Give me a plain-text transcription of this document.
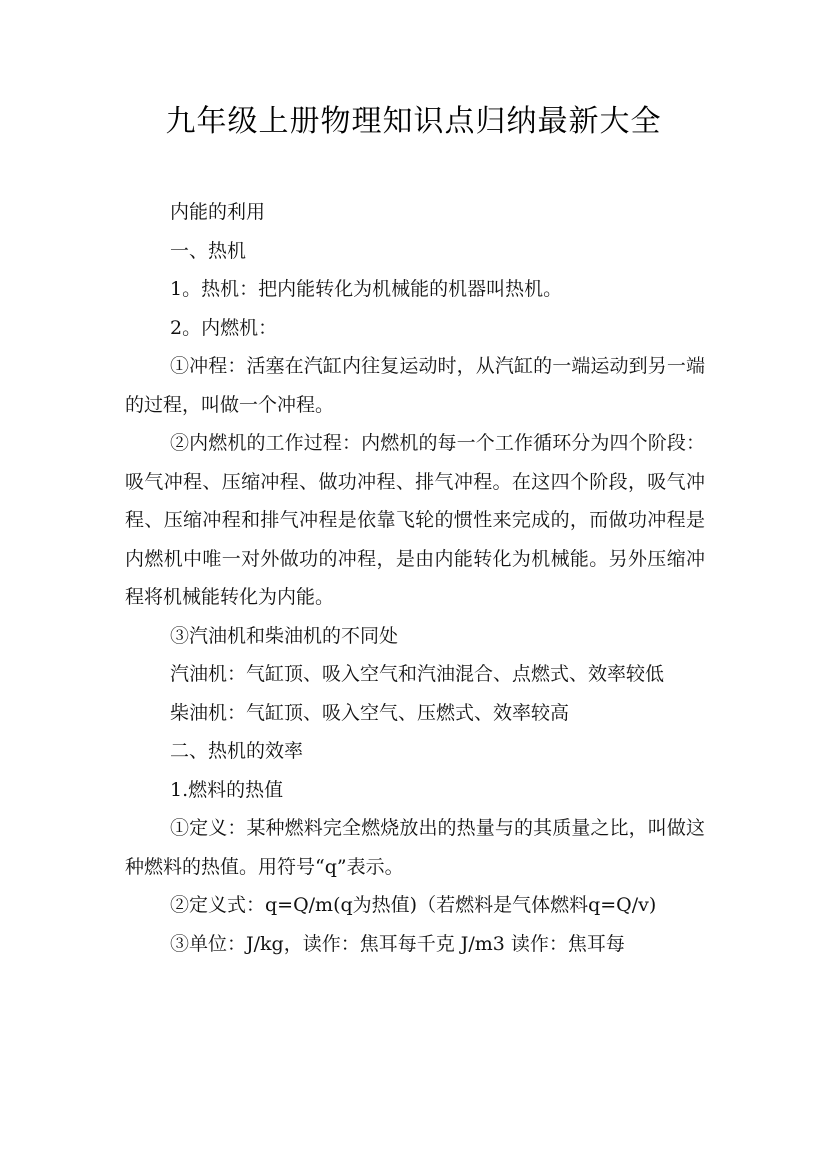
九年级上册物理知识点归纳最新大全

内能的利用

一、热机

1。热机：把内能转化为机械能的机器叫热机。

2。内燃机：

①冲程：活塞在汽缸内往复运动时，从汽缸的一端运动到另一端的过程，叫做一个冲程。

②内燃机的工作过程：内燃机的每一个工作循环分为四个阶段：吸气冲程、压缩冲程、做功冲程、排气冲程。在这四个阶段，吸气冲程、压缩冲程和排气冲程是依靠飞轮的惯性来完成的，而做功冲程是内燃机中唯一对外做功的冲程，是由内能转化为机械能。另外压缩冲程将机械能转化为内能。

③汽油机和柴油机的不同处

汽油机：气缸顶、吸入空气和汽油混合、点燃式、效率较低

柴油机：气缸顶、吸入空气、压燃式、效率较高

二、热机的效率

1.燃料的热值

①定义：某种燃料完全燃烧放出的热量与的其质量之比，叫做这种燃料的热值。用符号“q”表示。

②定义式：q=Q/m(q为热值)（若燃料是气体燃料q=Q/v)

③单位：J/kg，读作：焦耳每千克 J/m3 读作：焦耳每
